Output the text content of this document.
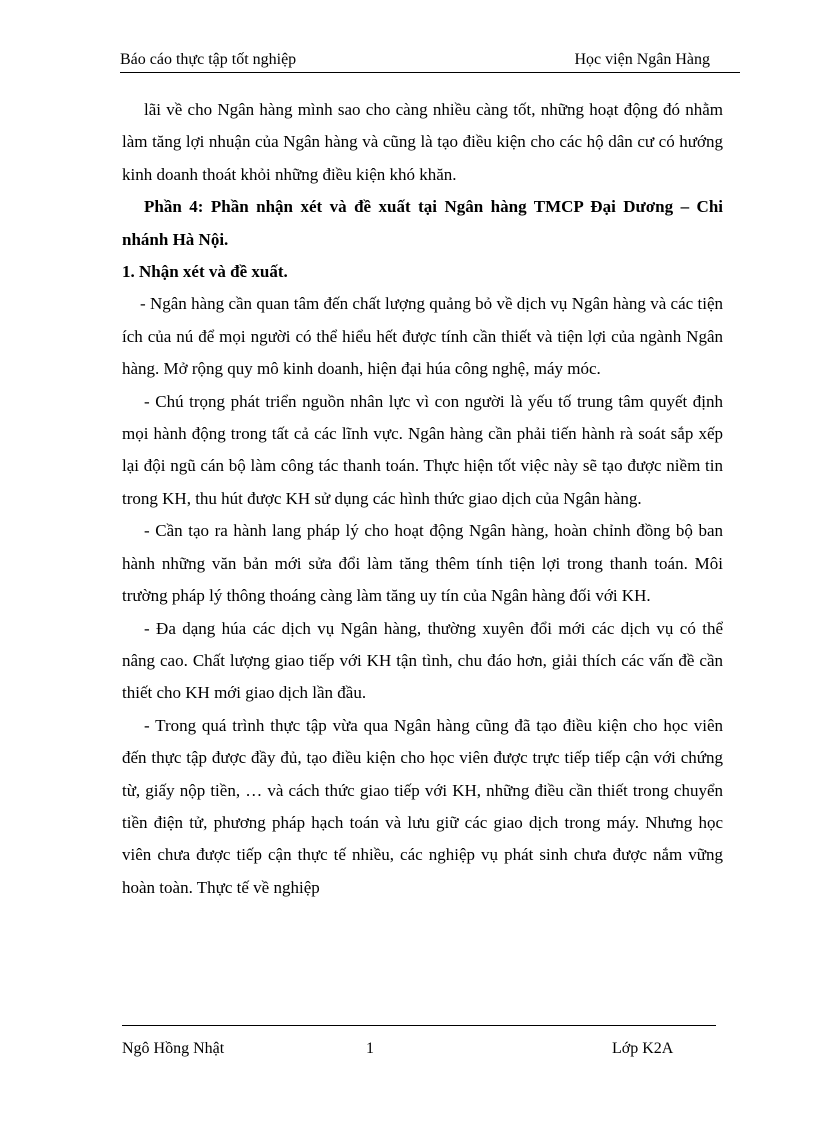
Báo cáo thực tập tốt nghiệp	Học viện Ngân Hàng

lãi về cho Ngân hàng mình sao cho càng nhiều càng tốt, những hoạt động đó nhằm làm tăng lợi nhuận của Ngân hàng và cũng là tạo điều kiện cho các hộ dân cư có hướng kinh doanh thoát khỏi những điều kiện khó khăn.

Phần 4: Phần nhận xét và đề xuất tại Ngân hàng TMCP Đại Dương – Chi nhánh Hà Nội.

1. Nhận xét và đề xuất.

- Ngân hàng cần quan tâm đến chất lượng quảng bỏ về dịch vụ Ngân hàng và các tiện ích của nú để mọi người có thể hiểu hết được tính cần thiết và tiện lợi của ngành Ngân hàng. Mở rộng quy mô kinh doanh, hiện đại húa công nghệ, máy móc.

- Chú trọng phát triển nguồn nhân lực vì con người là yếu tố trung tâm quyết định mọi hành động trong tất cả các lĩnh vực. Ngân hàng cần phải tiến hành rà soát sắp xếp lại đội ngũ cán bộ làm công tác thanh toán. Thực hiện tốt việc này sẽ tạo được niềm tin trong KH, thu hút được KH sử dụng các hình thức giao dịch của Ngân hàng.

- Cần tạo ra hành lang pháp lý cho hoạt động Ngân hàng, hoàn chỉnh đồng bộ ban hành những văn bản mới sửa đổi làm tăng thêm tính tiện lợi trong thanh toán. Môi trường pháp lý thông thoáng càng làm tăng uy tín của Ngân hàng đối với KH.

- Đa dạng húa các dịch vụ Ngân hàng, thường xuyên đổi mới các dịch vụ có thể nâng cao. Chất lượng giao tiếp với KH tận tình, chu đáo hơn, giải thích các vấn đề cần thiết cho KH mới giao dịch lần đầu.

- Trong quá trình thực tập vừa qua Ngân hàng cũng đã tạo điều kiện cho học viên đến thực tập được đầy đủ, tạo điều kiện cho học viên được trực tiếp tiếp cận với chứng từ, giấy nộp tiền, … và cách thức giao tiếp với KH, những điều cần thiết trong chuyển tiền điện tử, phương pháp hạch toán và lưu giữ các giao dịch trong máy. Nhưng học viên chưa được tiếp cận thực tế nhiều, các nghiệp vụ phát sinh chưa được nắm vững hoàn toàn. Thực tế về nghiệp

Ngô Hồng Nhật	1	Lớp K2A
